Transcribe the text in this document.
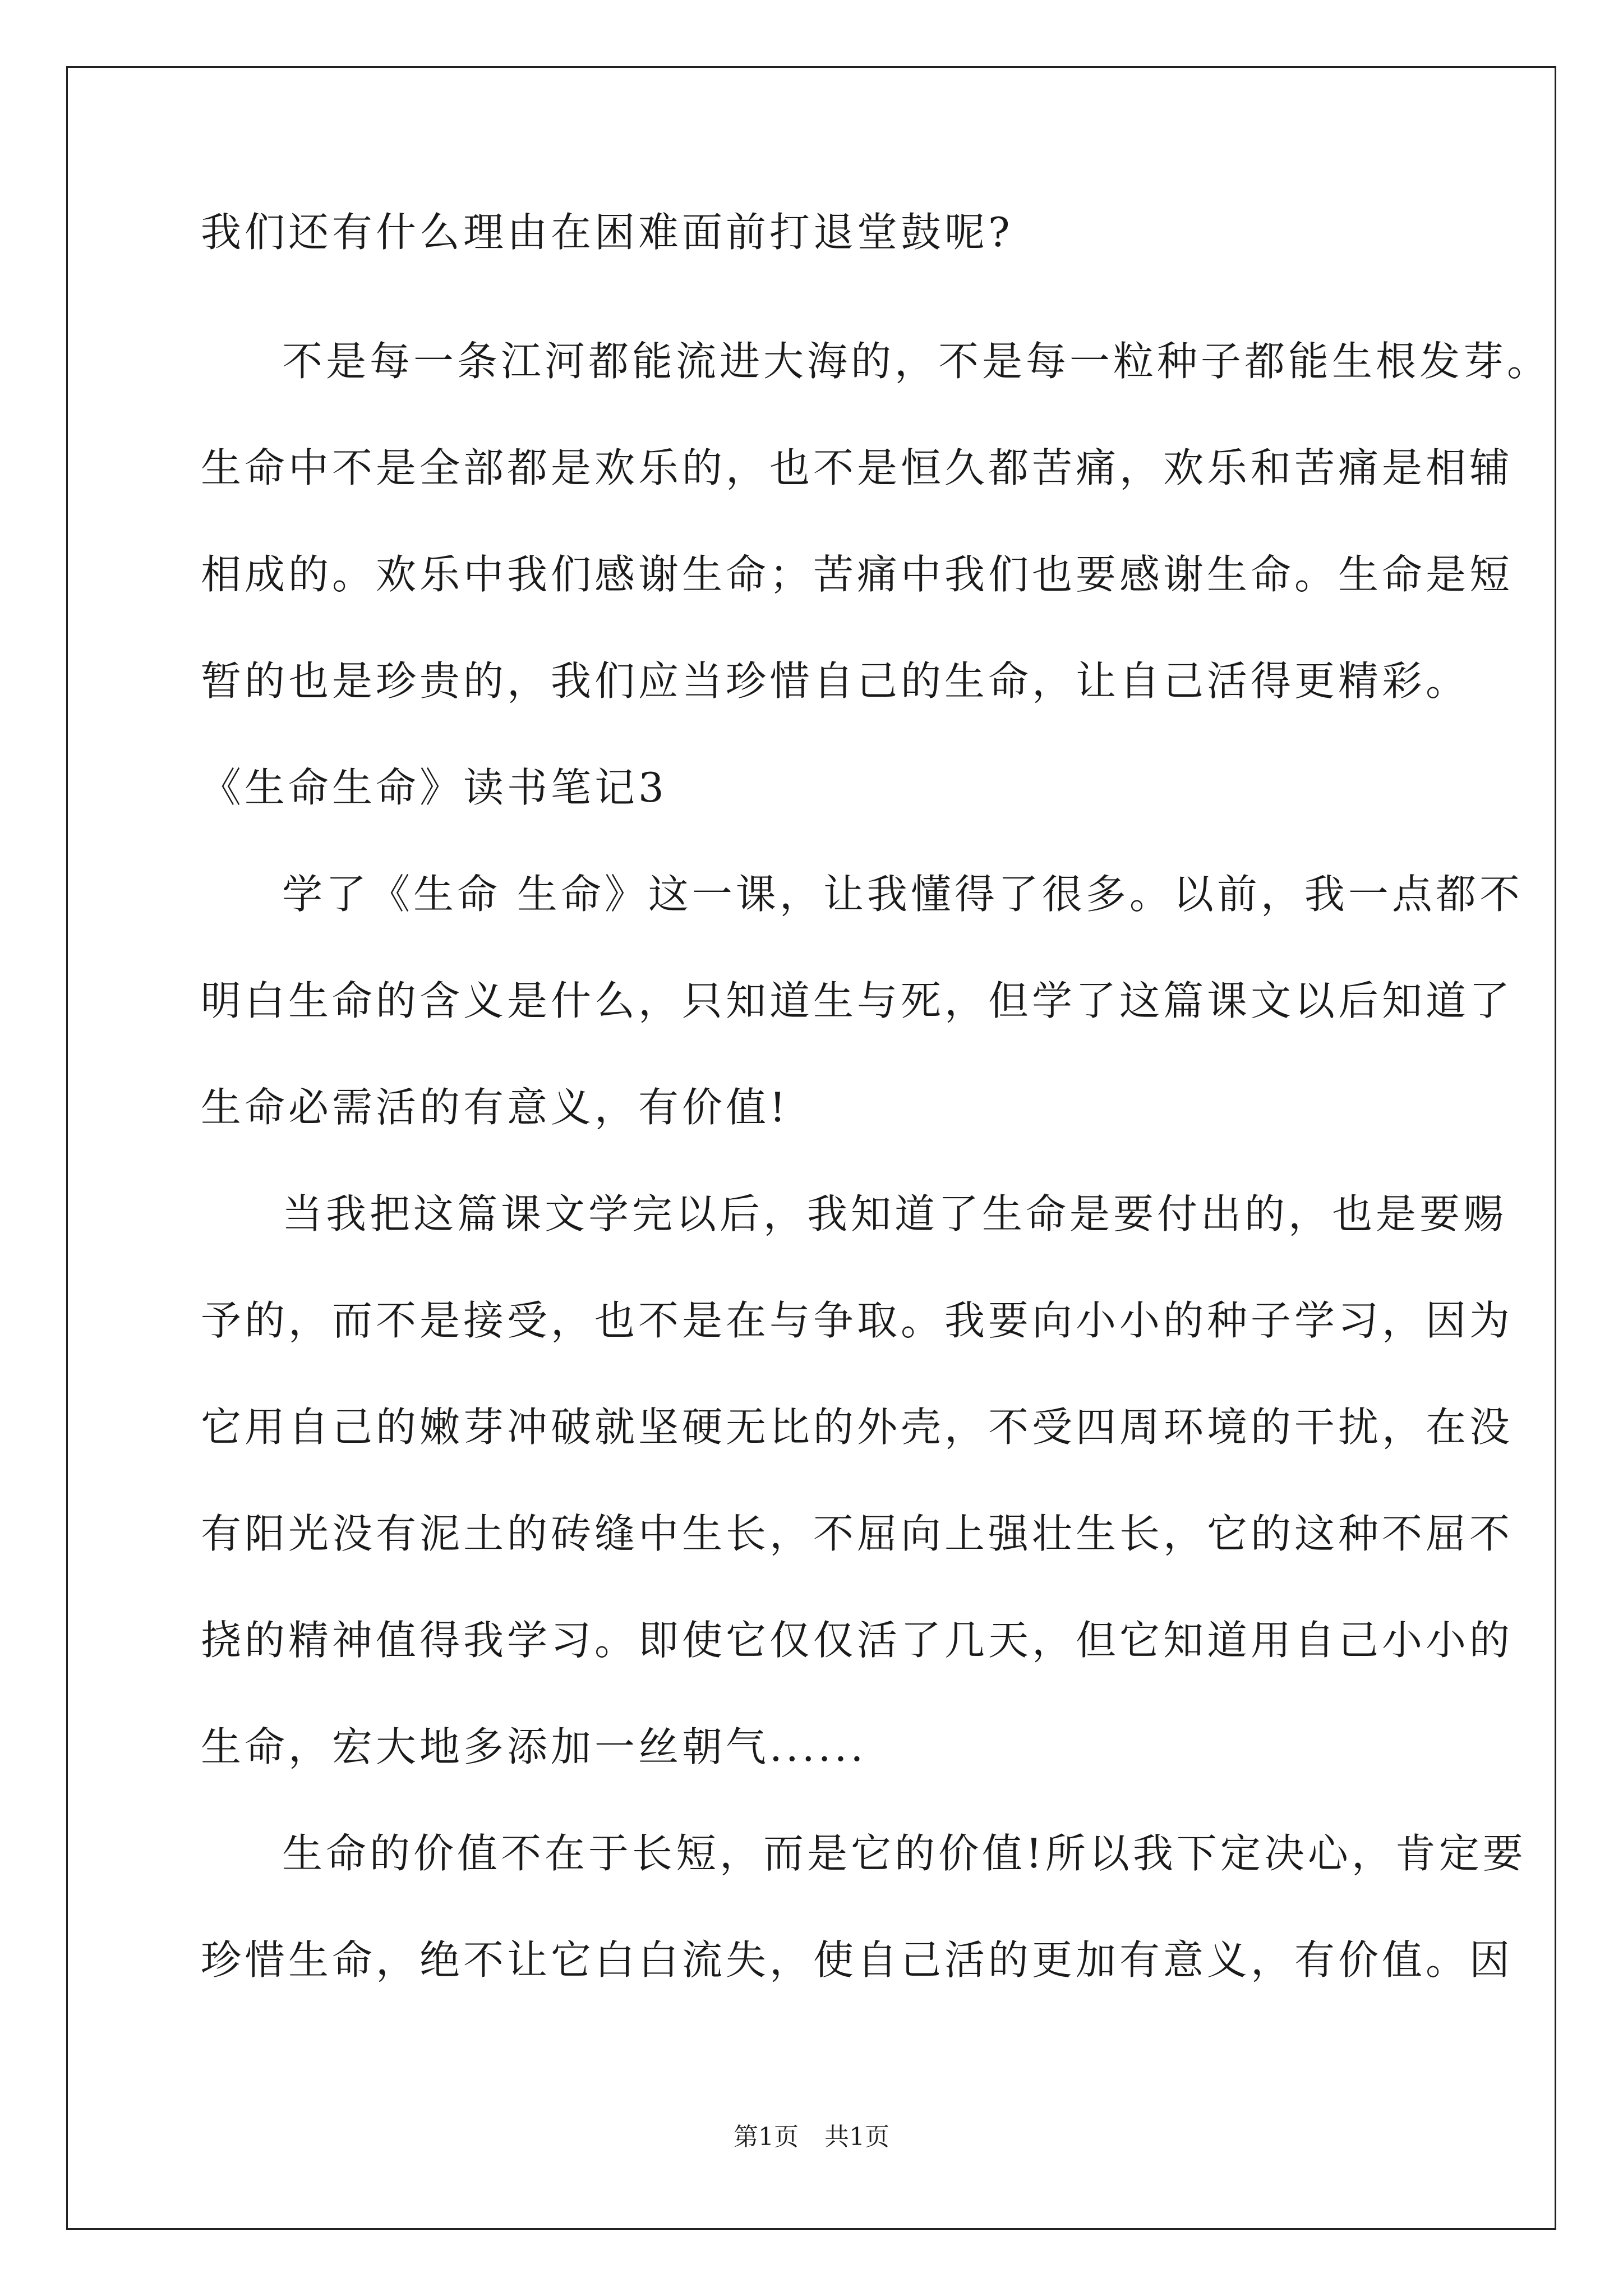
我们还有什么理由在困难面前打退堂鼓呢?
不是每一条江河都能流进大海的，不是每一粒种子都能生根发芽。
生命中不是全部都是欢乐的，也不是恒久都苦痛，欢乐和苦痛是相辅
相成的。欢乐中我们感谢生命；苦痛中我们也要感谢生命。生命是短
暂的也是珍贵的，我们应当珍惜自己的生命，让自己活得更精彩。
《生命生命》读书笔记3
学了《生命 生命》这一课，让我懂得了很多。以前，我一点都不
明白生命的含义是什么，只知道生与死，但学了这篇课文以后知道了
生命必需活的有意义，有价值!
当我把这篇课文学完以后，我知道了生命是要付出的，也是要赐
予的，而不是接受，也不是在与争取。我要向小小的种子学习，因为
它用自己的嫩芽冲破就坚硬无比的外壳，不受四周环境的干扰，在没
有阳光没有泥土的砖缝中生长，不屈向上强壮生长，它的这种不屈不
挠的精神值得我学习。即使它仅仅活了几天，但它知道用自己小小的
生命，宏大地多添加一丝朝气......
生命的价值不在于长短，而是它的价值!所以我下定决心，肯定要
珍惜生命，绝不让它白白流失，使自己活的更加有意义，有价值。因
第1页 共1页
